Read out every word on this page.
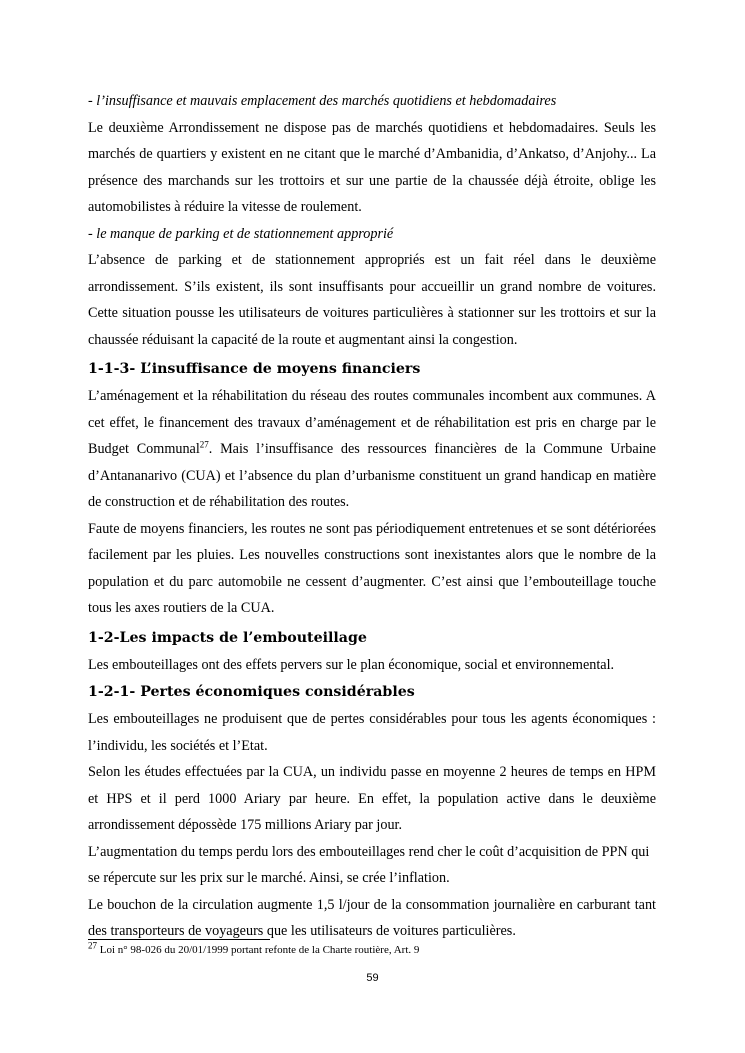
- l’insuffisance et mauvais emplacement des marchés quotidiens et hebdomadaires

Le deuxième Arrondissement ne dispose pas de marchés quotidiens et hebdomadaires. Seuls les marchés de quartiers y existent en ne citant que le marché d’Ambanidia, d’Ankatso, d’Anjohy... La présence des marchands sur les trottoirs et sur une partie de la chaussée déjà étroite, oblige les automobilistes à réduire la vitesse de roulement.

- le manque de parking et de stationnement approprié

L’absence de parking et de stationnement appropriés est un fait réel dans le deuxième arrondissement. S’ils existent, ils sont insuffisants pour accueillir un grand nombre de voitures. Cette situation pousse les utilisateurs de voitures particulières à stationner sur les trottoirs et sur la chaussée réduisant la capacité de la route et augmentant ainsi la congestion.

1-1-3- L’insuffisance de moyens financiers

L’aménagement et la réhabilitation du réseau des routes communales incombent aux communes. A cet effet, le financement des travaux d’aménagement et de réhabilitation est pris en charge par le Budget Communal$^{27}$. Mais l’insuffisance des ressources financières de la Commune Urbaine d’Antananarivo (CUA) et l’absence du plan d’urbanisme constituent un grand handicap en matière de construction et de réhabilitation des routes.

Faute de moyens financiers, les routes ne sont pas périodiquement entretenues et se sont détériorées facilement par les pluies. Les nouvelles constructions sont inexistantes alors que le nombre de la population et du parc automobile ne cessent d’augmenter. C’est ainsi que l’embouteillage touche tous les axes routiers de la CUA.

1-2-Les impacts de l’embouteillage

Les embouteillages ont des effets pervers sur le plan économique, social et environnemental.

1-2-1- Pertes économiques considérables

Les embouteillages ne produisent que de pertes considérables pour tous les agents économiques : l’individu, les sociétés et l’Etat.

Selon les études effectuées par la CUA, un individu passe en moyenne 2 heures de temps en HPM et HPS et il perd 1000 Ariary par heure. En effet, la population active dans le deuxième arrondissement dépossède 175 millions Ariary par jour.

L’augmentation du temps perdu lors des embouteillages rend cher le coût d’acquisition de PPN qui se répercute sur les prix sur le marché. Ainsi, se crée l’inflation.

Le bouchon de la circulation augmente 1,5 l/jour de la consommation journalière en carburant tant des transporteurs de voyageurs que les utilisateurs de voitures particulières.

$^{27}$ Loi n° 98-026 du 20/01/1999 portant refonte de la Charte routière, Art. 9
59
